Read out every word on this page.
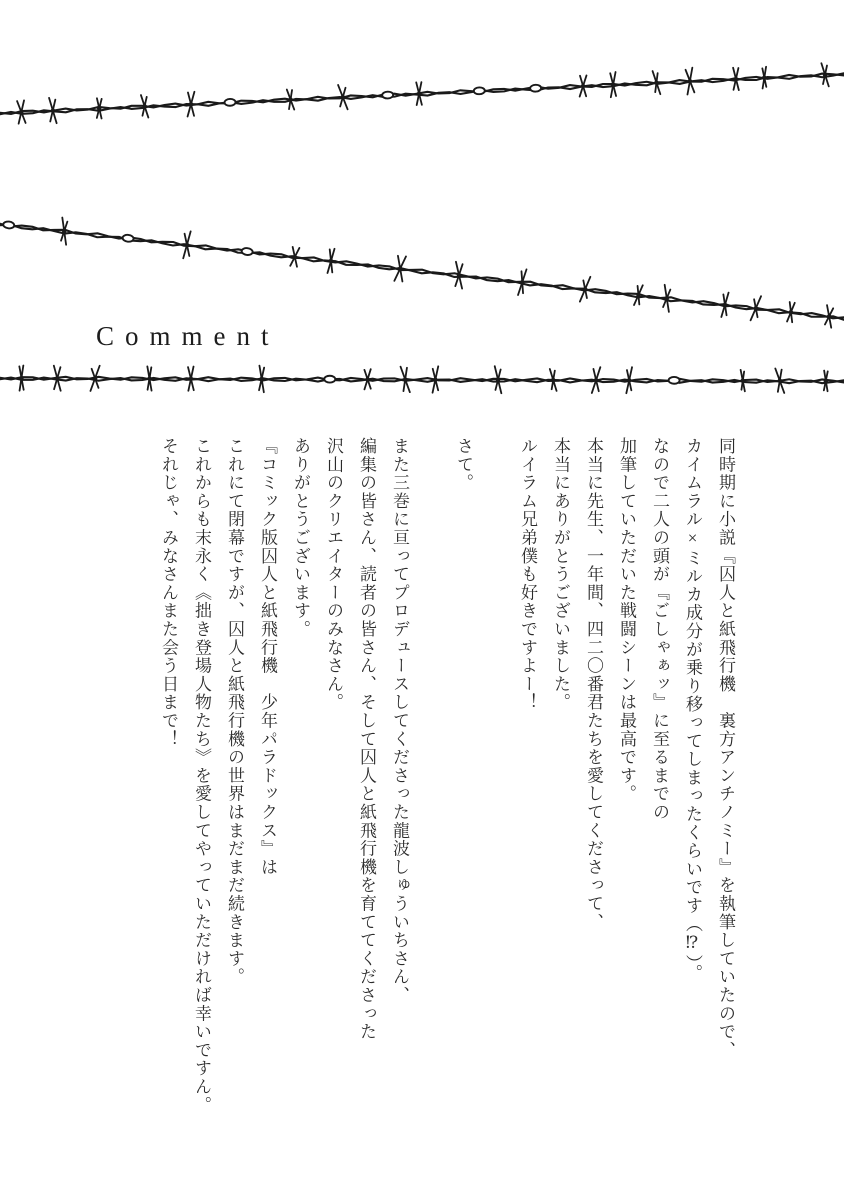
Comment
同時期に小説『囚人と紙飛行機　裏方アンチノミー』を執筆していたので、
カイムラル×ミルカ成分が乗り移ってしまったくらいです（⁉）。
なので二人の頭が『ごしゃぁッ』に至るまでの
加筆していただいた戦闘シーンは最高です。
本当に先生、一年間、四二〇番君たちを愛してくださって、
本当にありがとうございました。
ルイラム兄弟僕も好きですよー！
さて。
また三巻に亘ってプロデュースしてくださった龍波しゅういちさん、
編集の皆さん、読者の皆さん、そして囚人と紙飛行機を育ててくださった
沢山のクリエイターのみなさん。
ありがとうございます。
『コミック版囚人と紙飛行機　少年パラドックス』は
これにて閉幕ですが、囚人と紙飛行機の世界はまだまだ続きます。
これからも末永く《拙き登場人物たち》を愛してやっていただければ幸いですん。
それじゃ、みなさんまた会う日まで！
